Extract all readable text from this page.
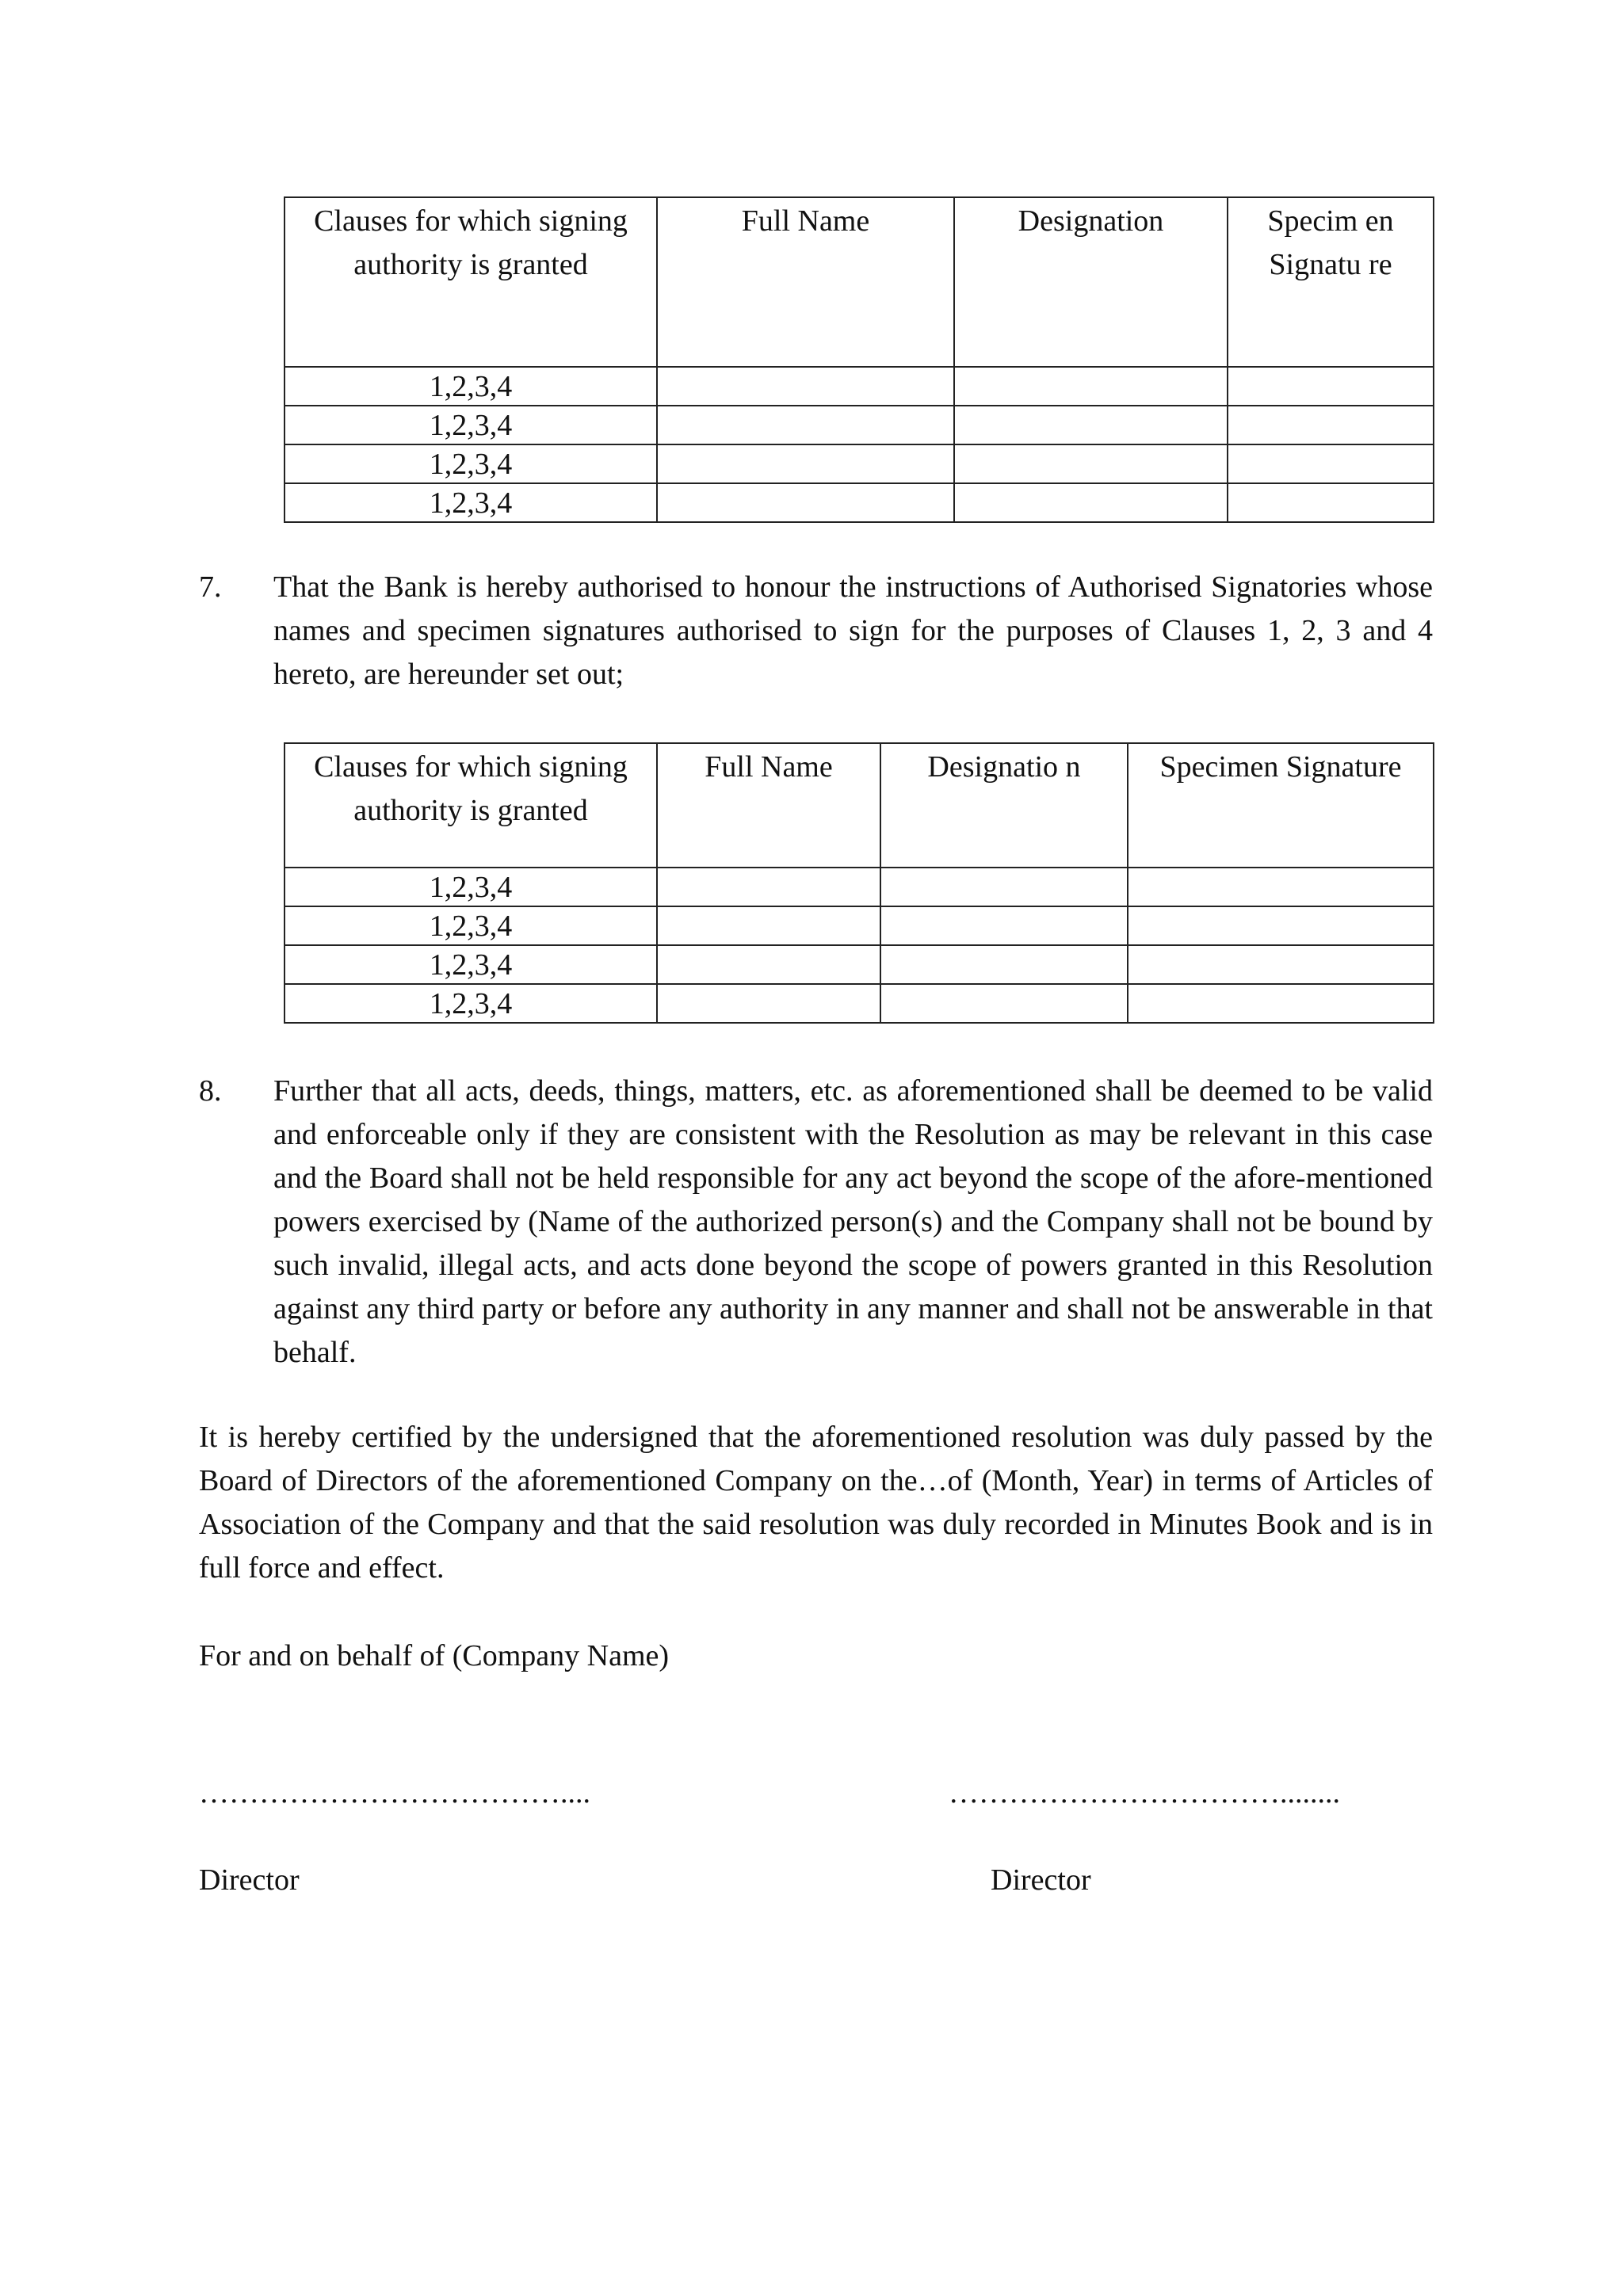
Clauses for which signing authority is granted	Full Name	Designation	Specim en Signatu re

1,2,3,4			
1,2,3,4			
1,2,3,4			
1,2,3,4			
7. That the Bank is hereby authorised to honour the instructions of Authorised Signatories whose names and specimen signatures authorised to sign for the purposes of Clauses 1, 2, 3 and 4 hereto, are hereunder set out;
Clauses for which signing authority is granted	Full Name	Designatio n	Specimen Signature

1,2,3,4			
1,2,3,4			
1,2,3,4			
1,2,3,4			
8. Further that all acts, deeds, things, matters, etc. as aforementioned shall be deemed to be valid and enforceable only if they are consistent with the Resolution as may be relevant in this case and the Board shall not be held responsible for any act beyond the scope of the afore-mentioned powers exercised by (Name of the authorized person(s) and the Company shall not be bound by such invalid, illegal acts, and acts done beyond the scope of powers granted in this Resolution against any third party or before any authority in any manner and shall not be answerable in that behalf.
It is hereby certified by the undersigned that the aforementioned resolution was duly passed by the Board of Directors of the aforementioned Company on the…of (Month, Year) in terms of Articles of Association of the Company and that the said resolution was duly recorded in Minutes Book and is in full force and effect.
For and on behalf of (Company Name)
………………………………....	……………………………........
Director	Director
